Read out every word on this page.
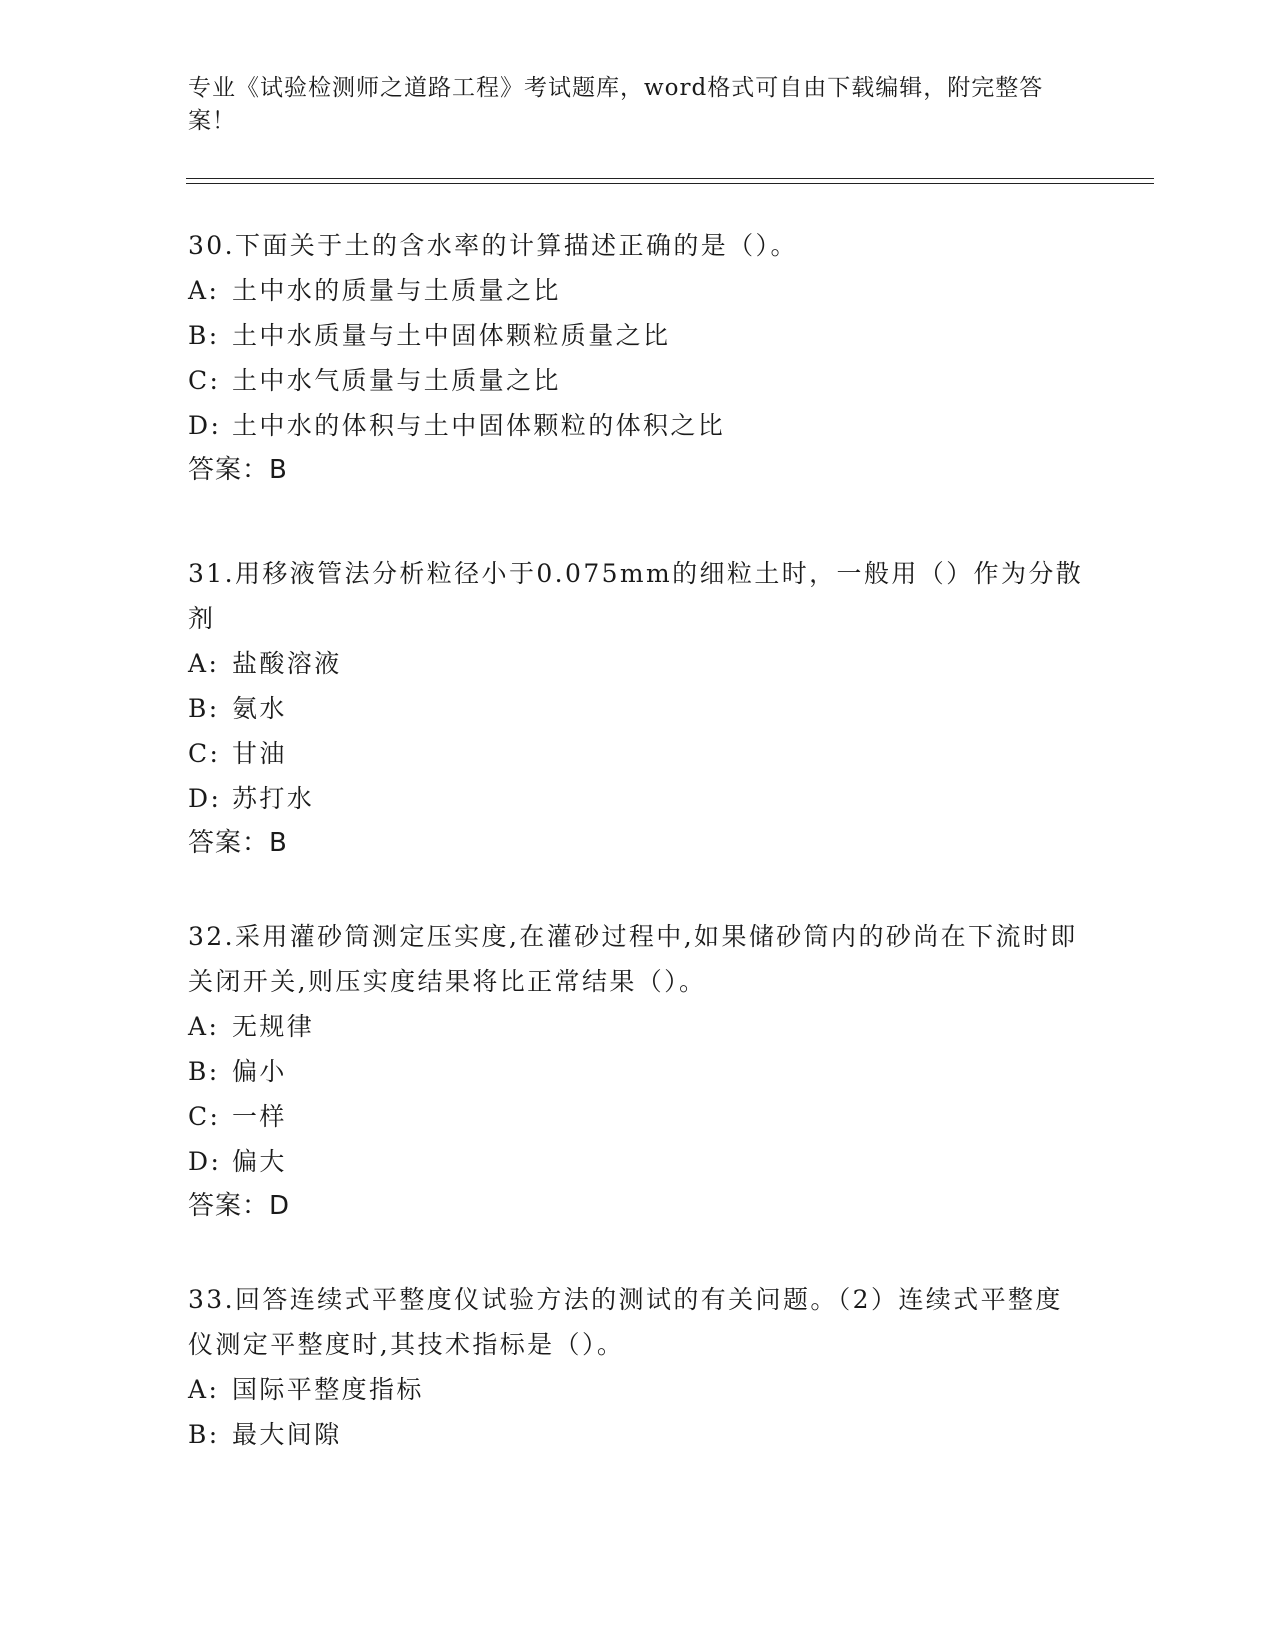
专业《试验检测师之道路工程》考试题库，word格式可自由下载编辑，附完整答案！

30.下面关于土的含水率的计算描述正确的是（）。

A: 土中水的质量与土质量之比

B: 土中水质量与土中固体颗粒质量之比

C: 土中水气质量与土质量之比

D: 土中水的体积与土中固体颗粒的体积之比

答案：B

31.用移液管法分析粒径小于0.075mm的细粒土时，一般用（）作为分散剂

A: 盐酸溶液

B: 氨水

C: 甘油

D: 苏打水

答案：B

32.采用灌砂筒测定压实度,在灌砂过程中,如果储砂筒内的砂尚在下流时即关闭开关,则压实度结果将比正常结果（）。

A: 无规律

B: 偏小

C: 一样

D: 偏大

答案：D

33.回答连续式平整度仪试验方法的测试的有关问题。（2）连续式平整度仪测定平整度时,其技术指标是（）。

A: 国际平整度指标

B: 最大间隙
